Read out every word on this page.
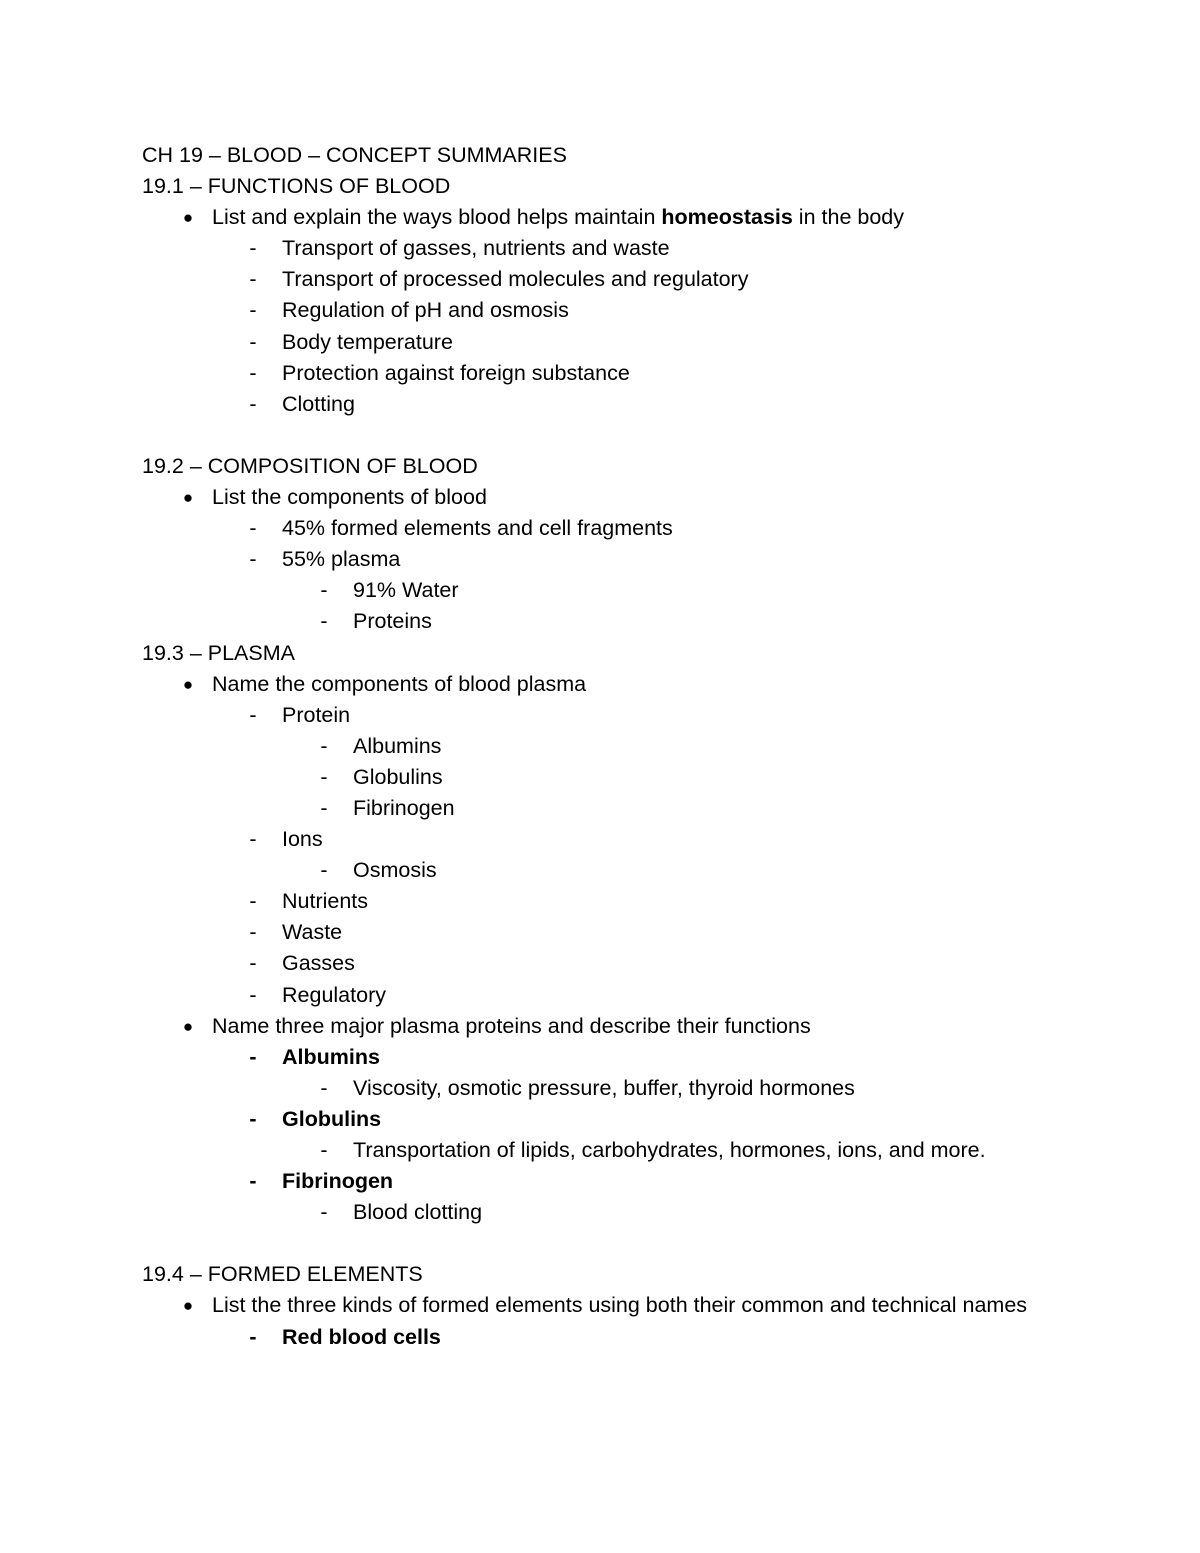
CH 19 – BLOOD – CONCEPT SUMMARIES
19.1 – FUNCTIONS OF BLOOD
● List and explain the ways blood helps maintain homeostasis in the body
- Transport of gasses, nutrients and waste
- Transport of processed molecules and regulatory
- Regulation of pH and osmosis
- Body temperature
- Protection against foreign substance
- Clotting
19.2 – COMPOSITION OF BLOOD
● List the components of blood
- 45% formed elements and cell fragments
- 55% plasma
- 91% Water
- Proteins
19.3 – PLASMA
● Name the components of blood plasma
- Protein
- Albumins
- Globulins
- Fibrinogen
- Ions
- Osmosis
- Nutrients
- Waste
- Gasses
- Regulatory
● Name three major plasma proteins and describe their functions
- Albumins
- Viscosity, osmotic pressure, buffer, thyroid hormones
- Globulins
- Transportation of lipids, carbohydrates, hormones, ions, and more.
- Fibrinogen
- Blood clotting
19.4 – FORMED ELEMENTS
● List the three kinds of formed elements using both their common and technical names
- Red blood cells
